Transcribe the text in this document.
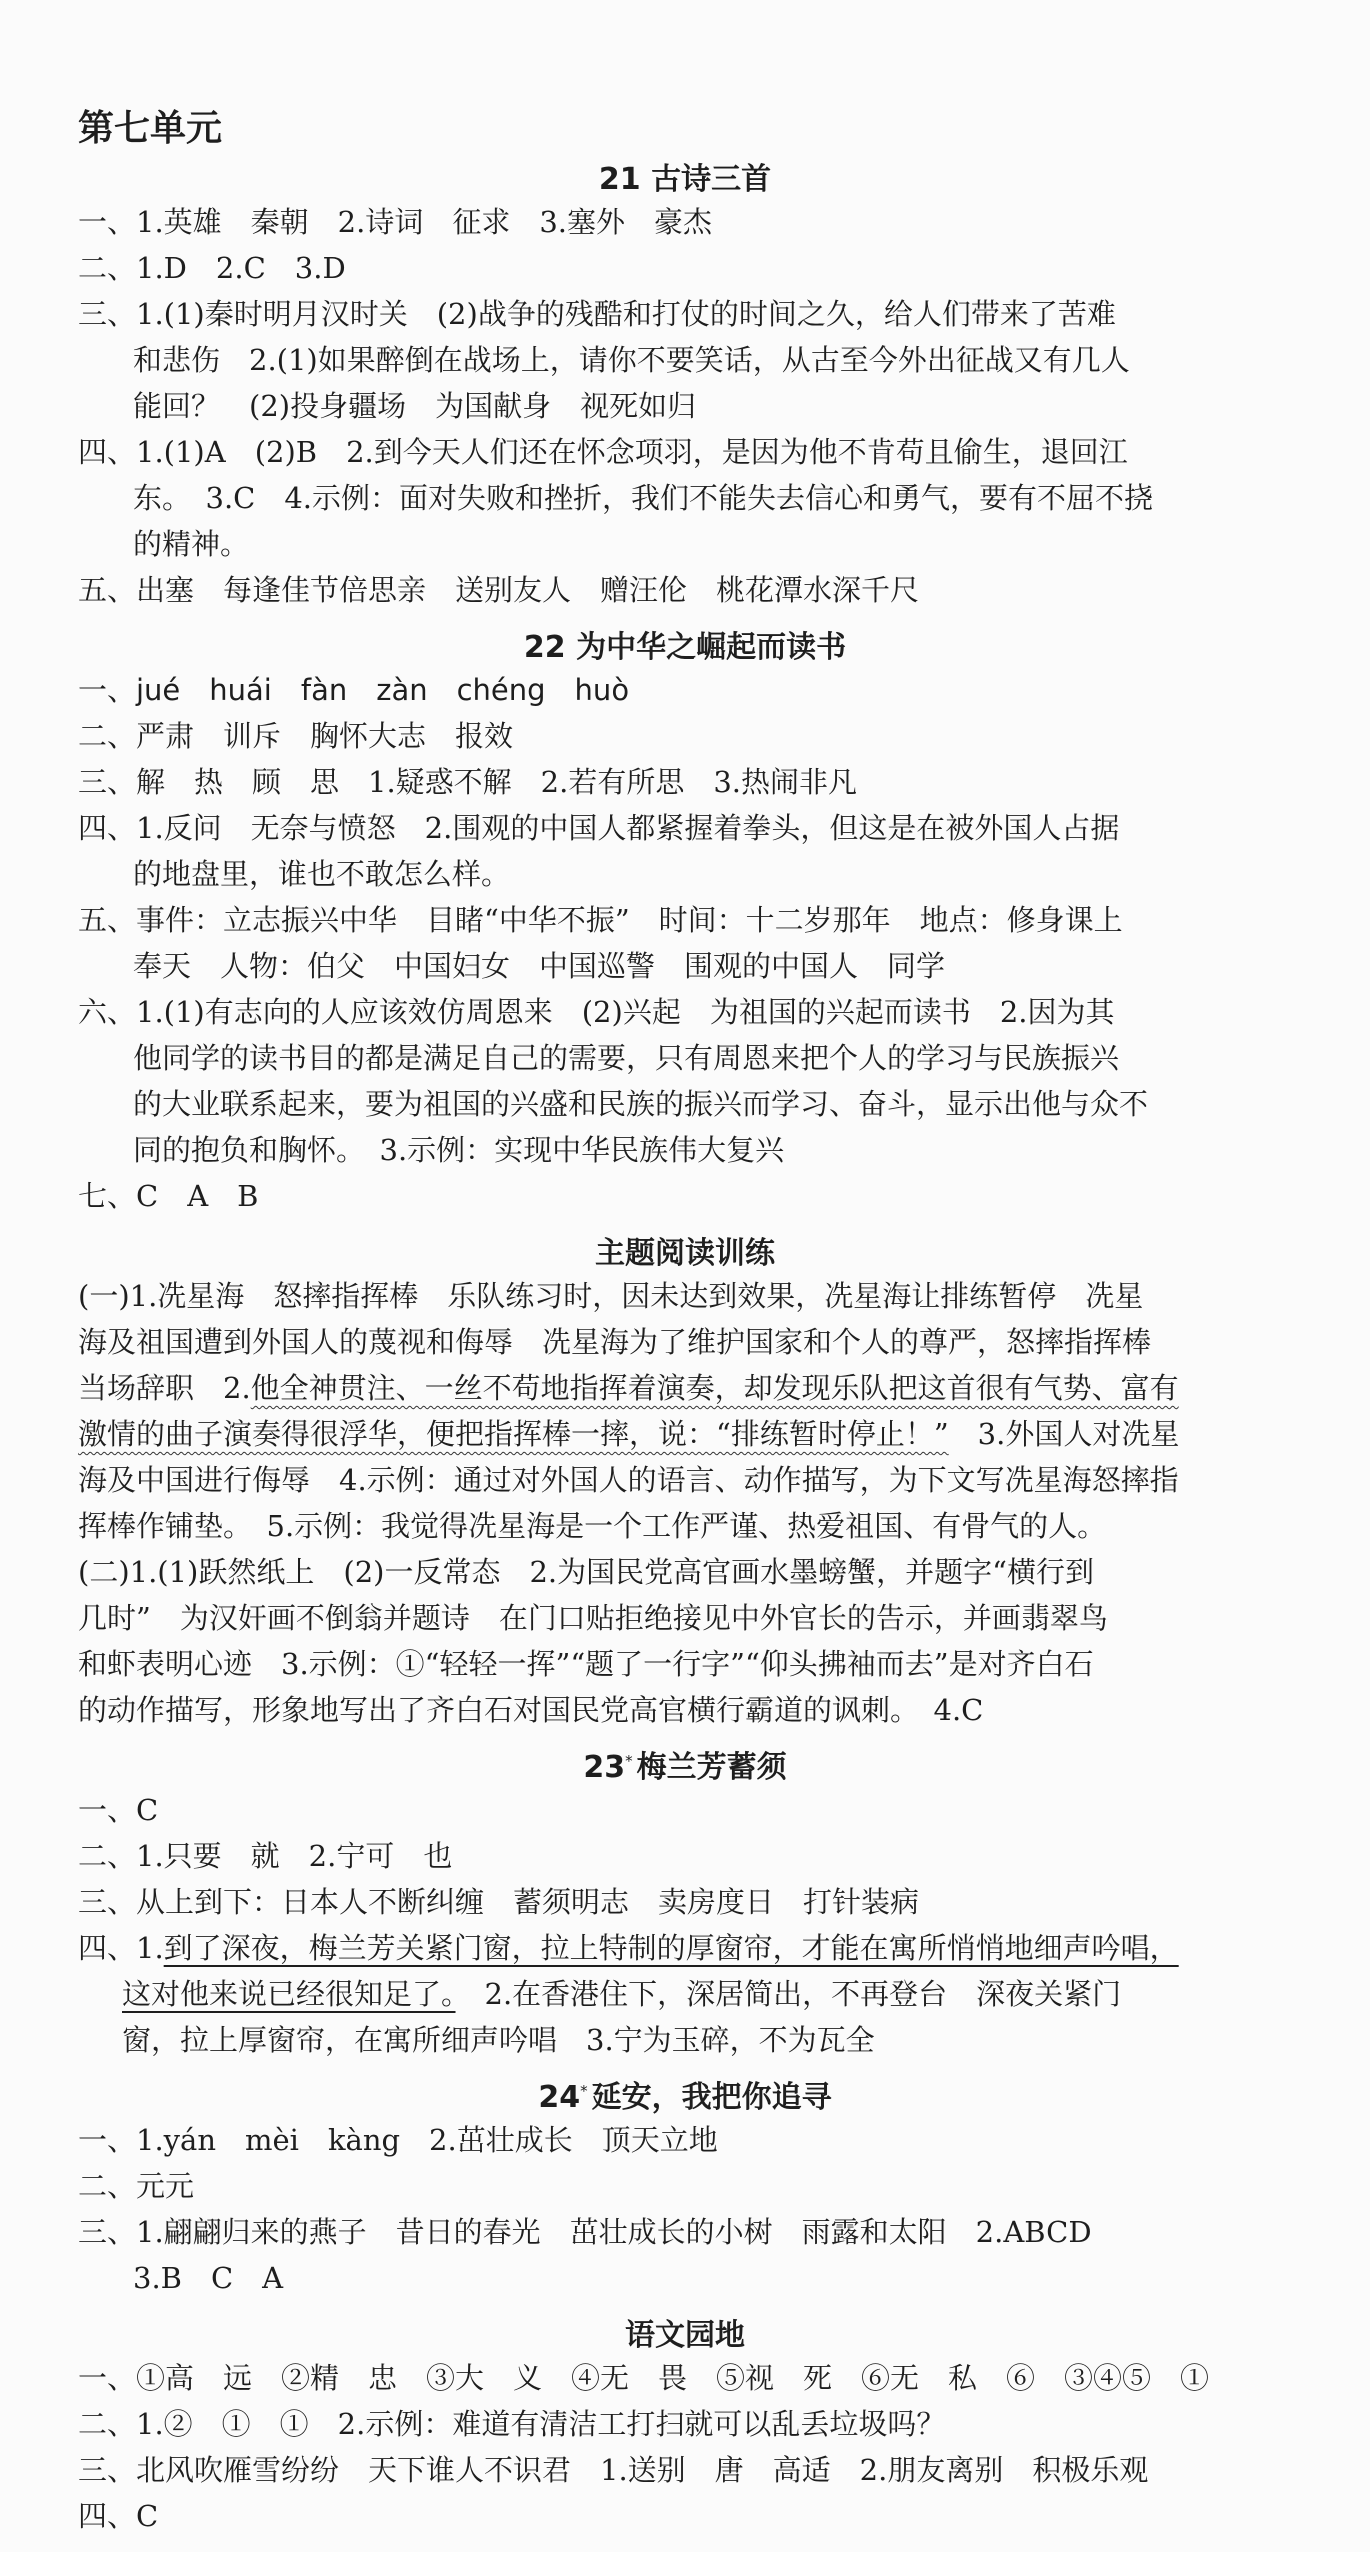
第七单元
21 古诗三首

一、1.英雄　秦朝　2.诗词　征求　3.塞外　豪杰

二、1.D　2.C　3.D

三、1.(1)秦时明月汉时关　(2)战争的残酷和打仗的时间之久，给人们带来了苦难

和悲伤　2.(1)如果醉倒在战场上，请你不要笑话，从古至今外出征战又有几人

能回？　(2)投身疆场　为国献身　视死如归

四、1.(1)A　(2)B　2.到今天人们还在怀念项羽，是因为他不肯苟且偷生，退回江

东。　3.C　4.示例：面对失败和挫折，我们不能失去信心和勇气，要有不屈不挠

的精神。

五、出塞　每逢佳节倍思亲　送别友人　赠汪伦　桃花潭水深千尺

22 为中华之崛起而读书

一、jué　huái　fàn　zàn　chéng　huò

二、严肃　训斥　胸怀大志　报效

三、解　热　顾　思　1.疑惑不解　2.若有所思　3.热闹非凡

四、1.反问　无奈与愤怒　2.围观的中国人都紧握着拳头，但这是在被外国人占据

的地盘里，谁也不敢怎么样。

五、事件：立志振兴中华　目睹“中华不振”　时间：十二岁那年　地点：修身课上

奉天　人物：伯父　中国妇女　中国巡警　围观的中国人　同学

六、1.(1)有志向的人应该效仿周恩来　(2)兴起　为祖国的兴起而读书　2.因为其

他同学的读书目的都是满足自己的需要，只有周恩来把个人的学习与民族振兴

的大业联系起来，要为祖国的兴盛和民族的振兴而学习、奋斗，显示出他与众不

同的抱负和胸怀。　3.示例：实现中华民族伟大复兴

七、C　A　B

主题阅读训练

(一)1.冼星海　怒摔指挥棒　乐队练习时，因未达到效果，冼星海让排练暂停　冼星

海及祖国遭到外国人的蔑视和侮辱　冼星海为了维护国家和个人的尊严，怒摔指挥棒

当场辞职　2.他全神贯注、一丝不苟地指挥着演奏，却发现乐队把这首很有气势、富有

激情的曲子演奏得很浮华，便把指挥棒一摔，说：“排练暂时停止！”　3.外国人对冼星

海及中国进行侮辱　4.示例：通过对外国人的语言、动作描写，为下文写冼星海怒摔指

挥棒作铺垫。　5.示例：我觉得冼星海是一个工作严谨、热爱祖国、有骨气的人。

(二)1.(1)跃然纸上　(2)一反常态　2.为国民党高官画水墨螃蟹，并题字“横行到

几时”　为汉奸画不倒翁并题诗　在门口贴拒绝接见中外官长的告示，并画翡翠鸟

和虾表明心迹　3.示例：①“轻轻一挥”“题了一行字”“仰头拂袖而去”是对齐白石

的动作描写，形象地写出了齐白石对国民党高官横行霸道的讽刺。　4.C

23* 梅兰芳蓄须

一、C

二、1.只要　就　2.宁可　也

三、从上到下：日本人不断纠缠　蓄须明志　卖房度日　打针装病

四、1.到了深夜，梅兰芳关紧门窗，拉上特制的厚窗帘，才能在寓所悄悄地细声吟唱，

这对他来说已经很知足了。　2.在香港住下，深居简出，不再登台　深夜关紧门

窗，拉上厚窗帘，在寓所细声吟唱　3.宁为玉碎，不为瓦全

24* 延安，我把你追寻

一、1.yán　mèi　kàng　2.茁壮成长　顶天立地

二、元元

三、1.翩翩归来的燕子　昔日的春光　茁壮成长的小树　雨露和太阳　2.ABCD

3.B　C　A

语文园地

一、①高　远　②精　忠　③大　义　④无　畏　⑤视　死　⑥无　私　⑥　③④⑤　①

二、1.②　①　①　2.示例：难道有清洁工打扫就可以乱丢垃圾吗？

三、北风吹雁雪纷纷　天下谁人不识君　1.送别　唐　高适　2.朋友离别　积极乐观

四、C
